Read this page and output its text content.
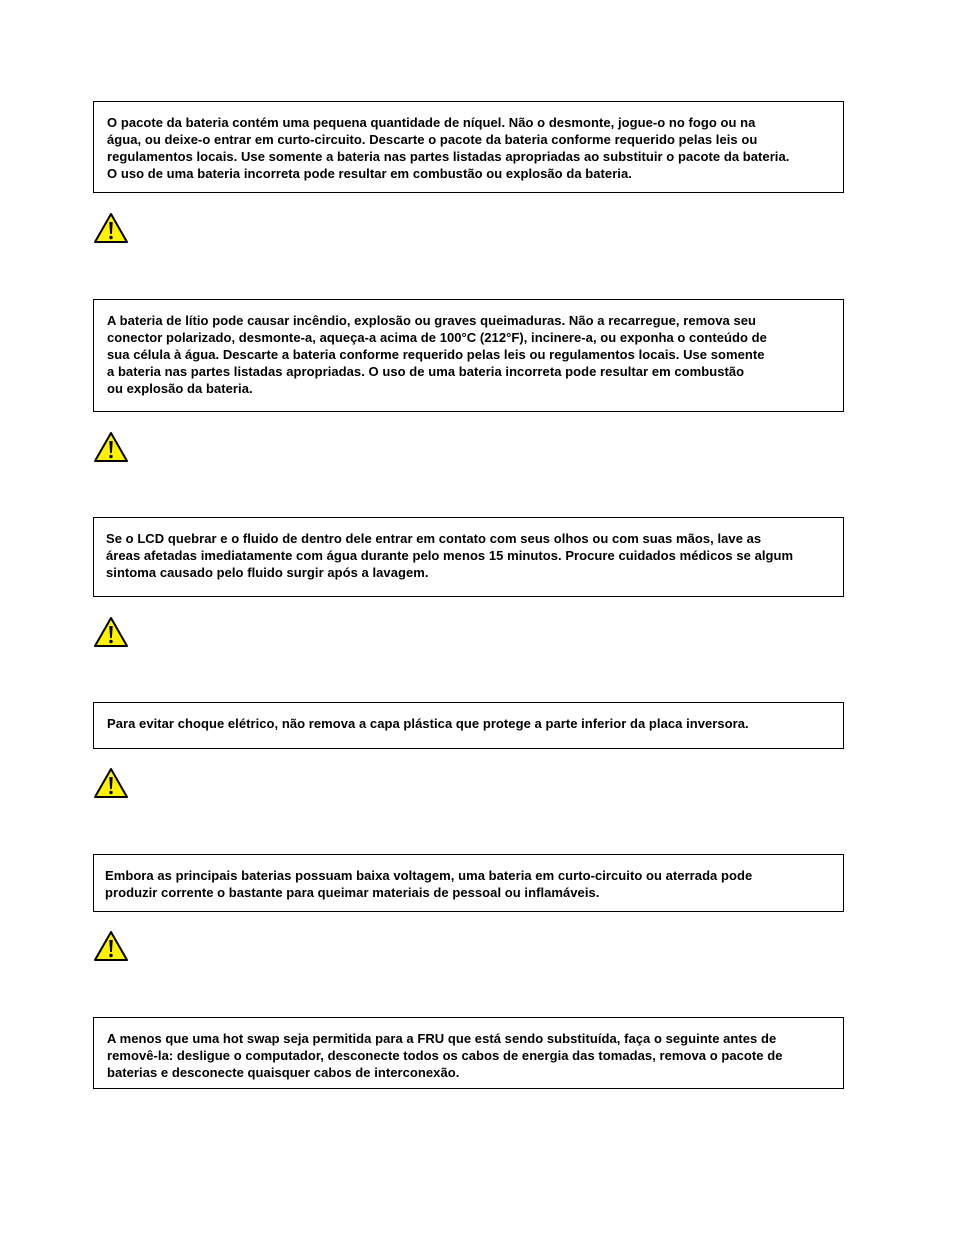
O pacote da bateria contém uma pequena quantidade de níquel. Não o desmonte, jogue-o no fogo ou na

água, ou deixe-o entrar em curto-circuito. Descarte o pacote da bateria conforme requerido pelas leis ou

regulamentos locais. Use somente a bateria nas partes listadas apropriadas ao substituir o pacote da bateria.

O uso de uma bateria incorreta pode resultar em combustão ou explosão da bateria.

A bateria de lítio pode causar incêndio, explosão ou graves queimaduras. Não a recarregue, remova seu

conector polarizado, desmonte-a, aqueça-a acima de 100°C (212°F), incinere-a, ou exponha o conteúdo de

sua célula à água. Descarte a bateria conforme requerido pelas leis ou regulamentos locais. Use somente

a bateria nas partes listadas apropriadas. O uso de uma bateria incorreta pode resultar em combustão

ou explosão da bateria.

Se o LCD quebrar e o fluido de dentro dele entrar em contato com seus olhos ou com suas mãos, lave as

áreas afetadas imediatamente com água durante pelo menos 15 minutos. Procure cuidados médicos se algum

sintoma causado pelo fluido surgir após a lavagem.

Para evitar choque elétrico, não remova a capa plástica que protege a parte inferior da placa inversora.

Embora as principais baterias possuam baixa voltagem, uma bateria em curto-circuito ou aterrada pode

produzir corrente o bastante para queimar materiais de pessoal ou inflamáveis.

A menos que uma hot swap seja permitida para a FRU que está sendo substituída, faça o seguinte antes de

removê-la: desligue o computador, desconecte todos os cabos de energia das tomadas, remova o pacote de

baterias e desconecte quaisquer cabos de interconexão.
